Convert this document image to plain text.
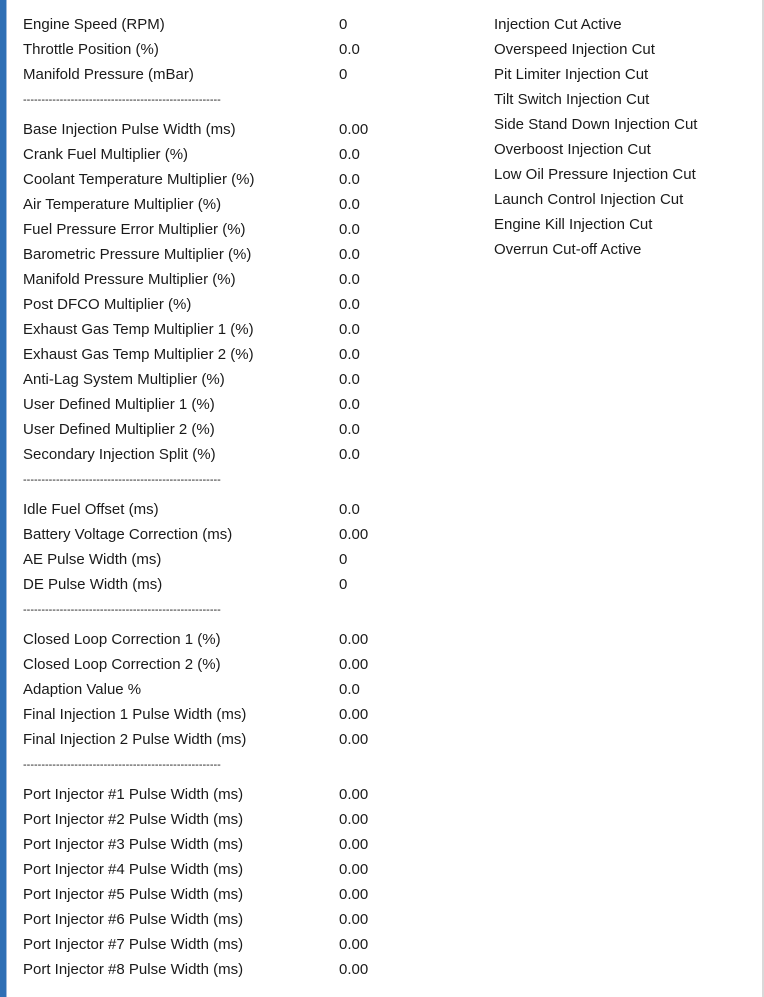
Engine Speed (RPM)	0
Throttle Position (%)	0.0
Manifold Pressure (mBar)	0
------------------------------------------------------
Base Injection Pulse Width (ms)	0.00
Crank Fuel Multiplier (%)	0.0
Coolant Temperature Multiplier (%)	0.0
Air Temperature Multiplier (%)	0.0
Fuel Pressure Error Multiplier (%)	0.0
Barometric Pressure Multiplier (%)	0.0
Manifold Pressure Multiplier (%)	0.0
Post DFCO Multiplier (%)	0.0
Exhaust Gas Temp Multiplier 1 (%)	0.0
Exhaust Gas Temp Multiplier 2 (%)	0.0
Anti-Lag System Multiplier (%)	0.0
User Defined Multiplier 1 (%)	0.0
User Defined Multiplier 2 (%)	0.0
Secondary Injection Split (%)	0.0
------------------------------------------------------
Idle Fuel Offset (ms)	0.0
Battery Voltage Correction (ms)	0.00
AE Pulse Width (ms)	0
DE Pulse Width (ms)	0
------------------------------------------------------
Closed Loop Correction 1 (%)	0.00
Closed Loop Correction 2 (%)	0.00
Adaption Value %	0.0
Final Injection 1 Pulse Width (ms)	0.00
Final Injection 2 Pulse Width (ms)	0.00
------------------------------------------------------
Port Injector #1 Pulse Width (ms)	0.00
Port Injector #2 Pulse Width (ms)	0.00
Port Injector #3 Pulse Width (ms)	0.00
Port Injector #4 Pulse Width (ms)	0.00
Port Injector #5 Pulse Width (ms)	0.00
Port Injector #6 Pulse Width (ms)	0.00
Port Injector #7 Pulse Width (ms)	0.00
Port Injector #8 Pulse Width (ms)	0.00
Injection Cut Active
Overspeed Injection Cut
Pit Limiter Injection Cut
Tilt Switch Injection Cut
Side Stand Down Injection Cut
Overboost Injection Cut
Low Oil Pressure Injection Cut
Launch Control Injection Cut
Engine Kill Injection Cut
Overrun Cut-off Active
